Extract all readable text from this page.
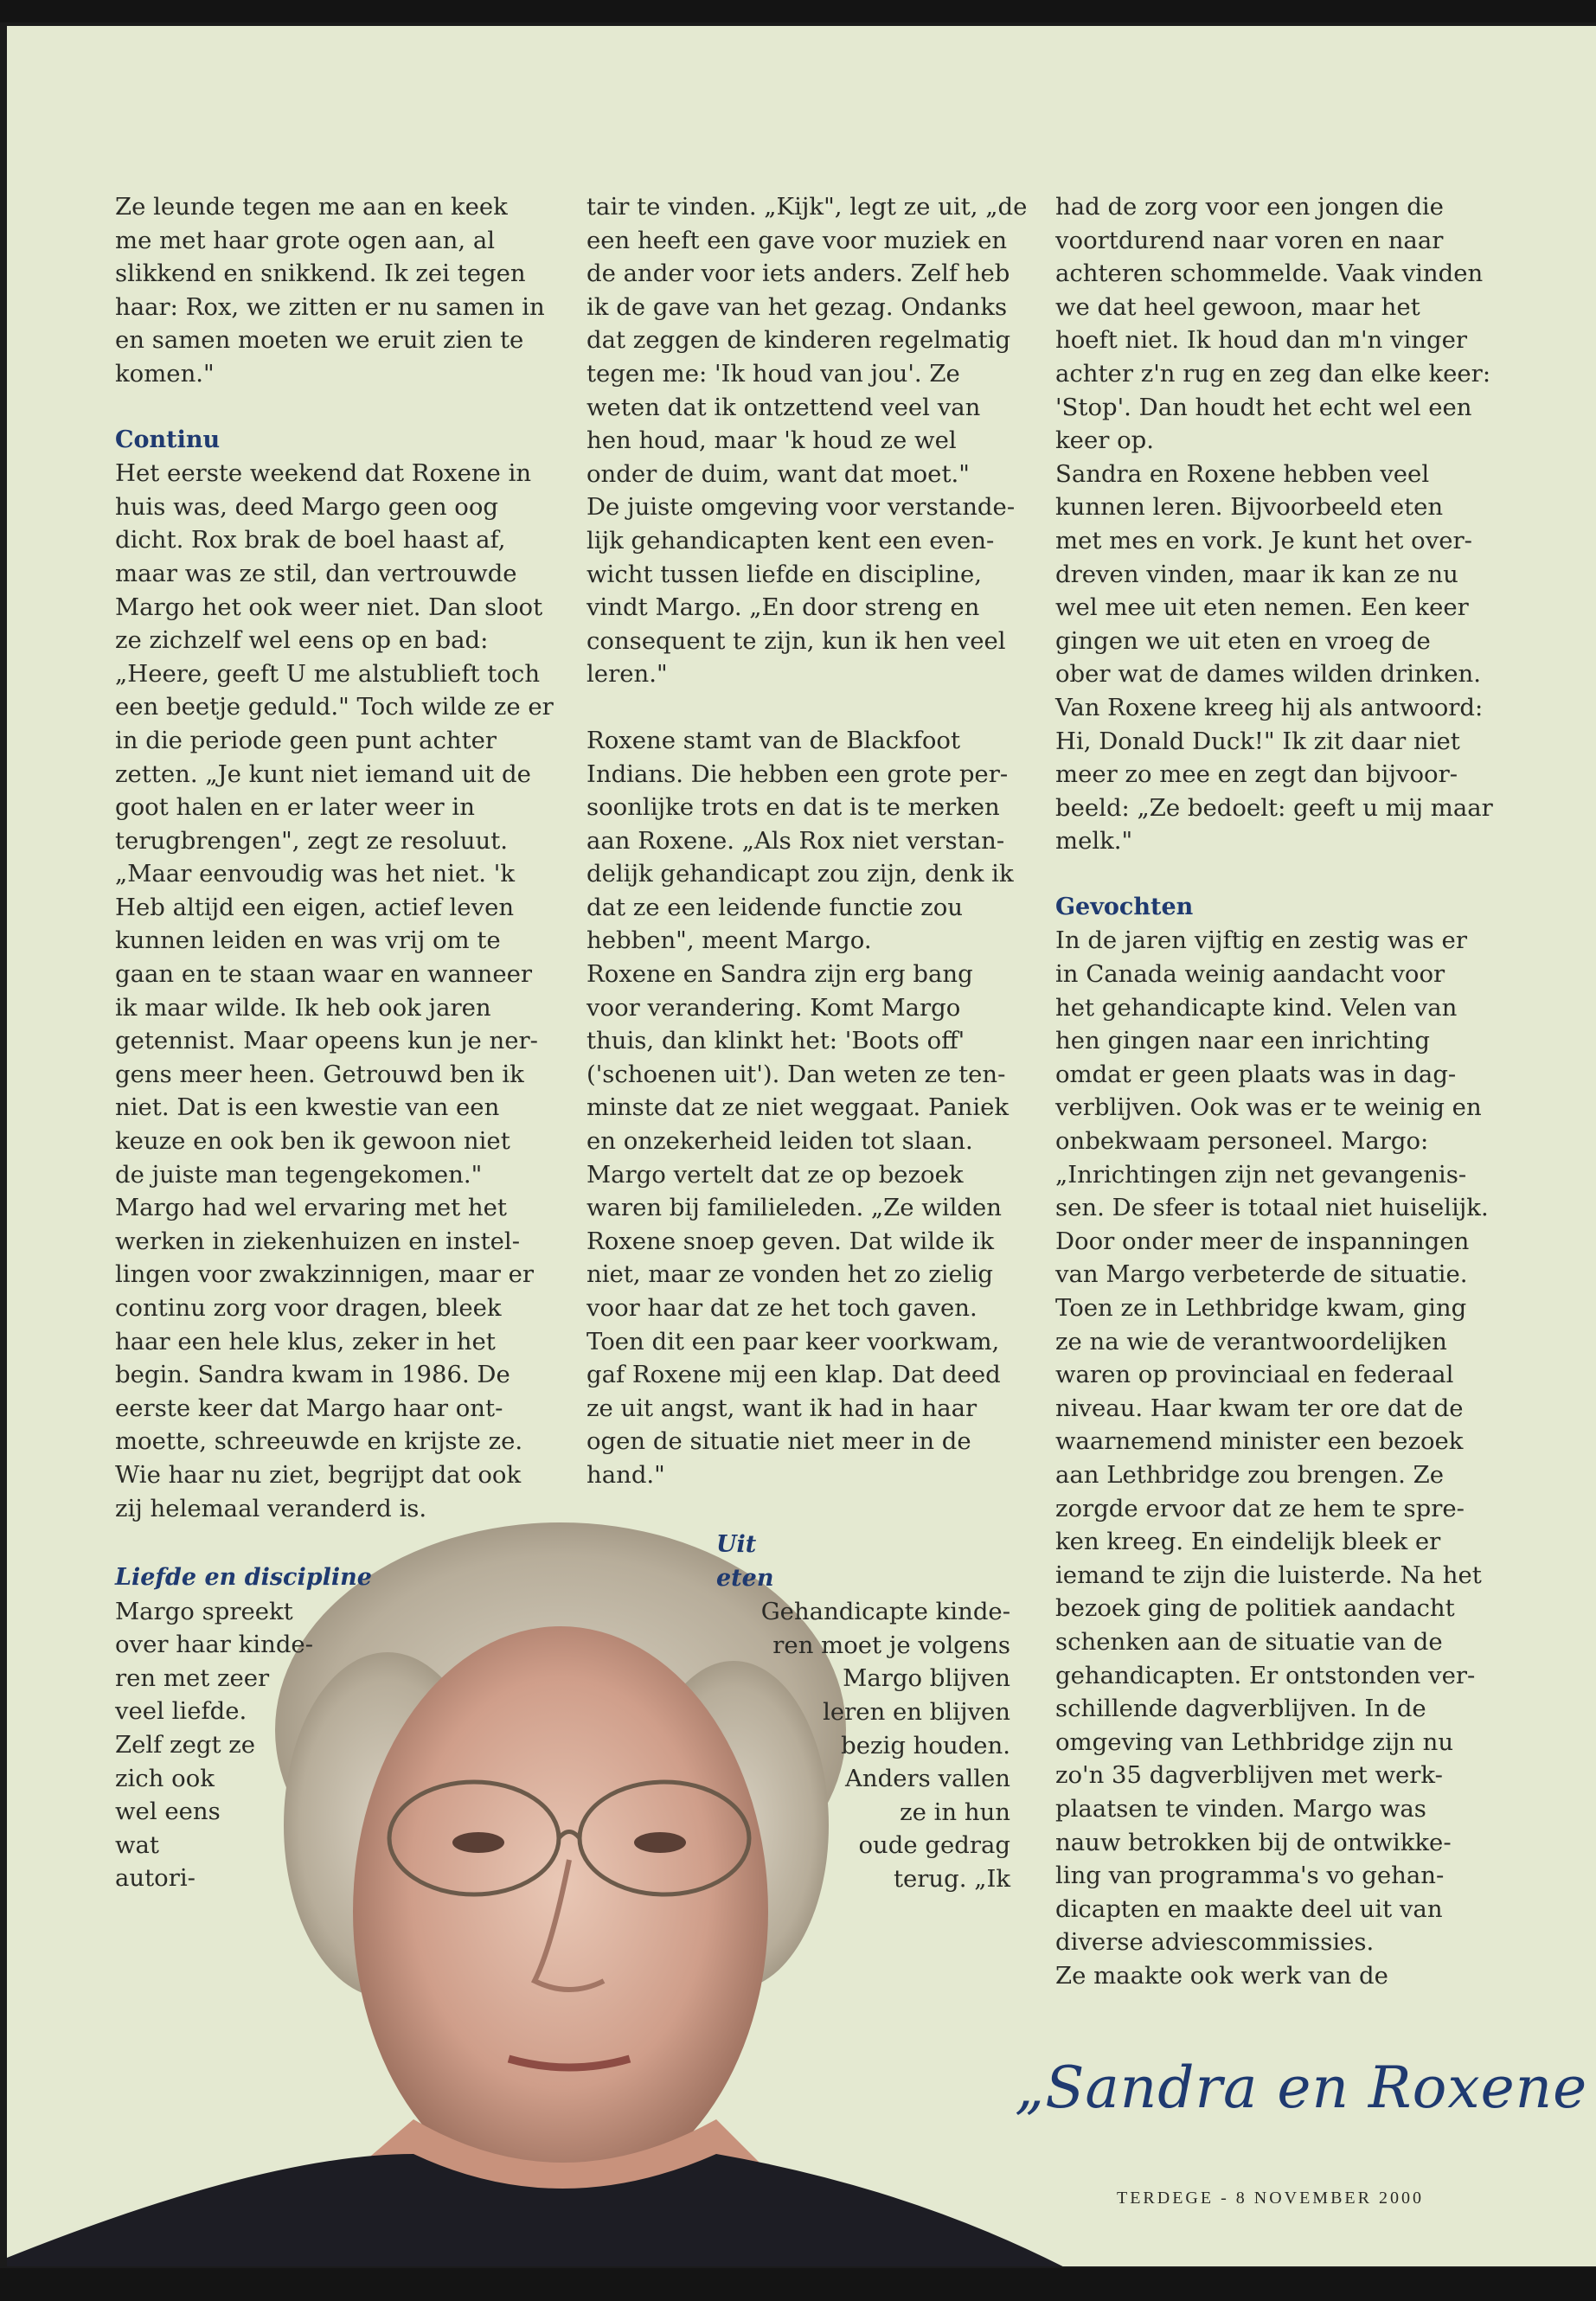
Ze leunde tegen me aan en keek
me met haar grote ogen aan, al
slikkend en snikkend. Ik zei tegen
haar: Rox, we zitten er nu samen in
en samen moeten we eruit zien te
komen."

Continu

Het eerste weekend dat Roxene in
huis was, deed Margo geen oog
dicht. Rox brak de boel haast af,
maar was ze stil, dan vertrouwde
Margo het ook weer niet. Dan sloot
ze zichzelf wel eens op en bad:
„Heere, geeft U me alstublieft toch
een beetje geduld." Toch wilde ze er
in die periode geen punt achter
zetten. „Je kunt niet iemand uit de
goot halen en er later weer in
terugbrengen", zegt ze resoluut.
„Maar eenvoudig was het niet. 'k
Heb altijd een eigen, actief leven
kunnen leiden en was vrij om te
gaan en te staan waar en wanneer
ik maar wilde. Ik heb ook jaren
getennist. Maar opeens kun je ner-
gens meer heen. Getrouwd ben ik
niet. Dat is een kwestie van een
keuze en ook ben ik gewoon niet
de juiste man tegengekomen."
Margo had wel ervaring met het
werken in ziekenhuizen en instel-
lingen voor zwakzinnigen, maar er
continu zorg voor dragen, bleek
haar een hele klus, zeker in het
begin. Sandra kwam in 1986. De
eerste keer dat Margo haar ont-
moette, schreeuwde en krijste ze.
Wie haar nu ziet, begrijpt dat ook
zij helemaal veranderd is.

tair te vinden. „Kijk", legt ze uit, „de
een heeft een gave voor muziek en
de ander voor iets anders. Zelf heb
ik de gave van het gezag. Ondanks
dat zeggen de kinderen regelmatig
tegen me: 'Ik houd van jou'. Ze
weten dat ik ontzettend veel van
hen houd, maar 'k houd ze wel
onder de duim, want dat moet."
De juiste omgeving voor verstande-
lijk gehandicapten kent een even-
wicht tussen liefde en discipline,
vindt Margo. „En door streng en
consequent te zijn, kun ik hen veel
leren."

Roxene stamt van de Blackfoot
Indians. Die hebben een grote per-
soonlijke trots en dat is te merken
aan Roxene. „Als Rox niet verstan-
delijk gehandicapt zou zijn, denk ik
dat ze een leidende functie zou
hebben", meent Margo.
Roxene en Sandra zijn erg bang
voor verandering. Komt Margo
thuis, dan klinkt het: 'Boots off'
('schoenen uit'). Dan weten ze ten-
minste dat ze niet weggaat. Paniek
en onzekerheid leiden tot slaan.
Margo vertelt dat ze op bezoek
waren bij familieleden. „Ze wilden
Roxene snoep geven. Dat wilde ik
niet, maar ze vonden het zo zielig
voor haar dat ze het toch gaven.
Toen dit een paar keer voorkwam,
gaf Roxene mij een klap. Dat deed
ze uit angst, want ik had in haar
ogen de situatie niet meer in de
hand."

had de zorg voor een jongen die
voortdurend naar voren en naar
achteren schommelde. Vaak vinden
we dat heel gewoon, maar het
hoeft niet. Ik houd dan m'n vinger
achter z'n rug en zeg dan elke keer:
'Stop'. Dan houdt het echt wel een
keer op.
Sandra en Roxene hebben veel
kunnen leren. Bijvoorbeeld eten
met mes en vork. Je kunt het over-
dreven vinden, maar ik kan ze nu
wel mee uit eten nemen. Een keer
gingen we uit eten en vroeg de
ober wat de dames wilden drinken.
Van Roxene kreeg hij als antwoord:
Hi, Donald Duck!" Ik zit daar niet
meer zo mee en zegt dan bijvoor-
beeld: „Ze bedoelt: geeft u mij maar
melk."

Gevochten

In de jaren vijftig en zestig was er
in Canada weinig aandacht voor
het gehandicapte kind. Velen van
hen gingen naar een inrichting
omdat er geen plaats was in dag-
verblijven. Ook was er te weinig en
onbekwaam personeel. Margo:
„Inrichtingen zijn net gevangenis-
sen. De sfeer is totaal niet huiselijk.
Door onder meer de inspanningen
van Margo verbeterde de situatie.
Toen ze in Lethbridge kwam, ging
ze na wie de verantwoordelijken
waren op provinciaal en federaal
niveau. Haar kwam ter ore dat de
waarnemend minister een bezoek
aan Lethbridge zou brengen. Ze
zorgde ervoor dat ze hem te spre-
ken kreeg. En eindelijk bleek er
iemand te zijn die luisterde. Na het
bezoek ging de politiek aandacht
schenken aan de situatie van de
gehandicapten. Er ontstonden ver-
schillende dagverblijven. In de
omgeving van Lethbridge zijn nu
zo'n 35 dagverblijven met werk-
plaatsen te vinden. Margo was
nauw betrokken bij de ontwikke-
ling van programma's vo gehan-
dicapten en maakte deel uit van
diverse adviescommissies.
Ze maakte ook werk van de

Liefde en discipline

Margo spreekt
over haar kinde-
ren met zeer
veel liefde.
Zelf zegt ze
zich ook
wel eens
wat
autori-

Uit eten

Gehandicapte kinde-
ren moet je volgens
Margo blijven
leren en blijven
bezig houden.
Anders vallen
ze in hun
oude gedrag
terug. „Ik

„Sandra en Roxene
TERDEGE - 8 NOVEMBER 2000
